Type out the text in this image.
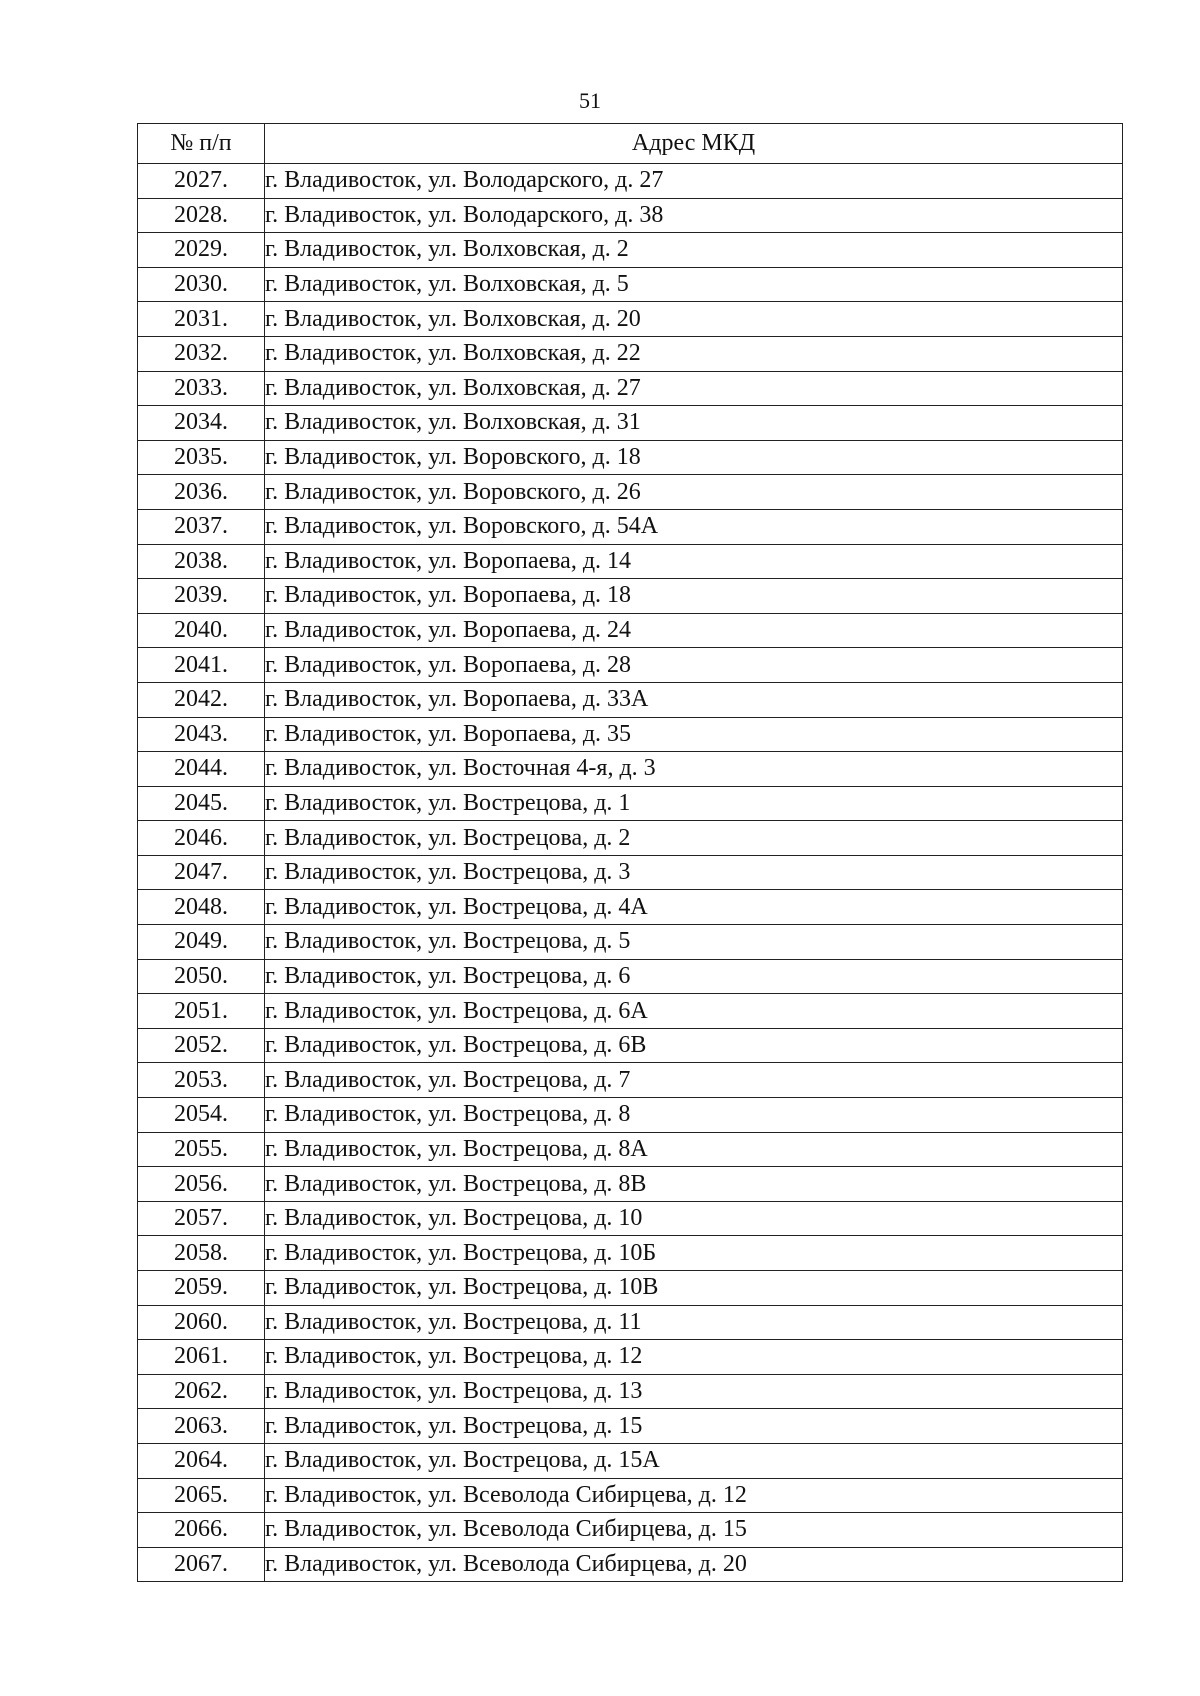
51
№ п/п	Адрес МКД
2027.	г. Владивосток, ул. Володарского, д. 27
2028.	г. Владивосток, ул. Володарского, д. 38
2029.	г. Владивосток, ул. Волховская, д. 2
2030.	г. Владивосток, ул. Волховская, д. 5
2031.	г. Владивосток, ул. Волховская, д. 20
2032.	г. Владивосток, ул. Волховская, д. 22
2033.	г. Владивосток, ул. Волховская, д. 27
2034.	г. Владивосток, ул. Волховская, д. 31
2035.	г. Владивосток, ул. Воровского, д. 18
2036.	г. Владивосток, ул. Воровского, д. 26
2037.	г. Владивосток, ул. Воровского, д. 54А
2038.	г. Владивосток, ул. Воропаева, д. 14
2039.	г. Владивосток, ул. Воропаева, д. 18
2040.	г. Владивосток, ул. Воропаева, д. 24
2041.	г. Владивосток, ул. Воропаева, д. 28
2042.	г. Владивосток, ул. Воропаева, д. 33А
2043.	г. Владивосток, ул. Воропаева, д. 35
2044.	г. Владивосток, ул. Восточная 4-я, д. 3
2045.	г. Владивосток, ул. Вострецова, д. 1
2046.	г. Владивосток, ул. Вострецова, д. 2
2047.	г. Владивосток, ул. Вострецова, д. 3
2048.	г. Владивосток, ул. Вострецова, д. 4А
2049.	г. Владивосток, ул. Вострецова, д. 5
2050.	г. Владивосток, ул. Вострецова, д. 6
2051.	г. Владивосток, ул. Вострецова, д. 6А
2052.	г. Владивосток, ул. Вострецова, д. 6В
2053.	г. Владивосток, ул. Вострецова, д. 7
2054.	г. Владивосток, ул. Вострецова, д. 8
2055.	г. Владивосток, ул. Вострецова, д. 8А
2056.	г. Владивосток, ул. Вострецова, д. 8В
2057.	г. Владивосток, ул. Вострецова, д. 10
2058.	г. Владивосток, ул. Вострецова, д. 10Б
2059.	г. Владивосток, ул. Вострецова, д. 10В
2060.	г. Владивосток, ул. Вострецова, д. 11
2061.	г. Владивосток, ул. Вострецова, д. 12
2062.	г. Владивосток, ул. Вострецова, д. 13
2063.	г. Владивосток, ул. Вострецова, д. 15
2064.	г. Владивосток, ул. Вострецова, д. 15А
2065.	г. Владивосток, ул. Всеволода Сибирцева, д. 12
2066.	г. Владивосток, ул. Всеволода Сибирцева, д. 15
2067.	г. Владивосток, ул. Всеволода Сибирцева, д. 20
